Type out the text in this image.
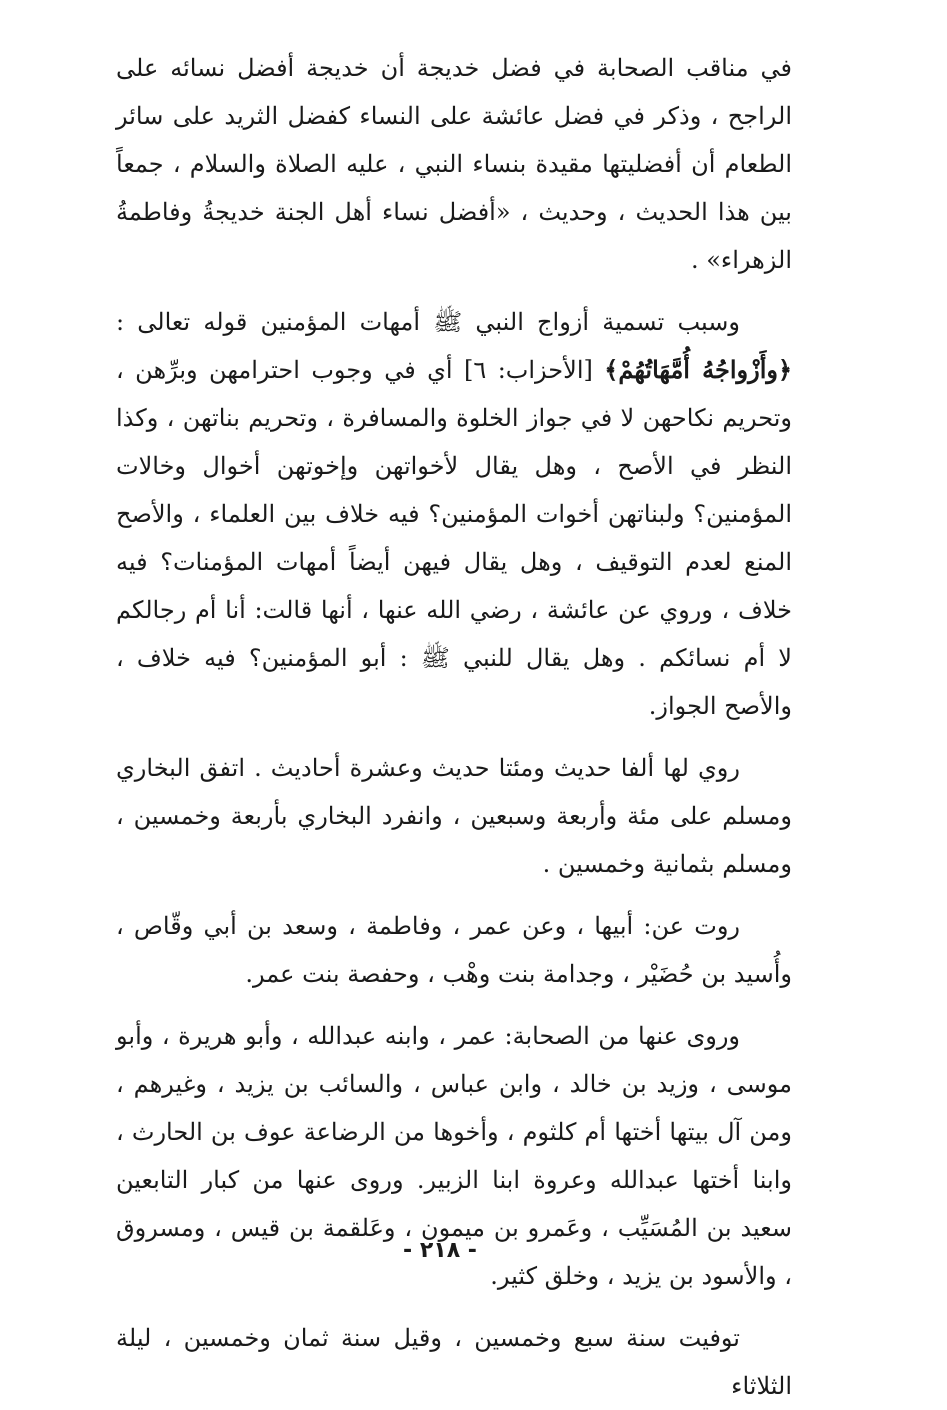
في مناقب الصحابة في فضل خديجة أن خديجة أفضل نسائه على الراجح ، وذكر في فضل عائشة على النساء كفضل الثريد على سائر الطعام أن أفضليتها مقيدة بنساء النبي ، عليه الصلاة والسلام ، جمعاً بين هذا الحديث ، وحديث ، «أفضل نساء أهل الجنة خديجةُ وفاطمةُ الزهراء» .

وسبب تسمية أزواج النبي ﷺ أمهات المؤمنين قوله تعالى : ﴿وأَزْواجُهُ أُمَّهَاتُهُمْ﴾ [الأحزاب: ٦] أي في وجوب احترامهن وبرِّهن ، وتحريم نكاحهن لا في جواز الخلوة والمسافرة ، وتحريم بناتهن ، وكذا النظر في الأصح ، وهل يقال لأخواتهن وإخوتهن أخوال وخالات المؤمنين؟ ولبناتهن أخوات المؤمنين؟ فيه خلاف بين العلماء ، والأصح المنع لعدم التوقيف ، وهل يقال فيهن أيضاً أمهات المؤمنات؟ فيه خلاف ، وروي عن عائشة ، رضي الله عنها ، أنها قالت: أنا أم رجالكم لا أم نسائكم . وهل يقال للنبي ﷺ : أبو المؤمنين؟ فيه خلاف ، والأصح الجواز.

روي لها ألفا حديث ومئتا حديث وعشرة أحاديث . اتفق البخاري ومسلم على مئة وأربعة وسبعين ، وانفرد البخاري بأربعة وخمسين ، ومسلم بثمانية وخمسين .

روت عن: أبيها ، وعن عمر ، وفاطمة ، وسعد بن أبي وقّاص ، وأُسيد بن حُضَيْر ، وجدامة بنت وهْب ، وحفصة بنت عمر.

وروى عنها من الصحابة: عمر ، وابنه عبدالله ، وأبو هريرة ، وأبو موسى ، وزيد بن خالد ، وابن عباس ، والسائب بن يزيد ، وغيرهم ، ومن آل بيتها أختها أم كلثوم ، وأخوها من الرضاعة عوف بن الحارث ، وابنا أختها عبدالله وعروة ابنا الزبير. وروى عنها من كبار التابعين سعيد بن المُسَيِّب ، وعَمرو بن ميمون ، وعَلقمة بن قيس ، ومسروق ، والأسود بن يزيد ، وخلق كثير.

توفيت سنة سبع وخمسين ، وقيل سنة ثمان وخمسين ، ليلة الثلاثاء

- ٢١٨ -
